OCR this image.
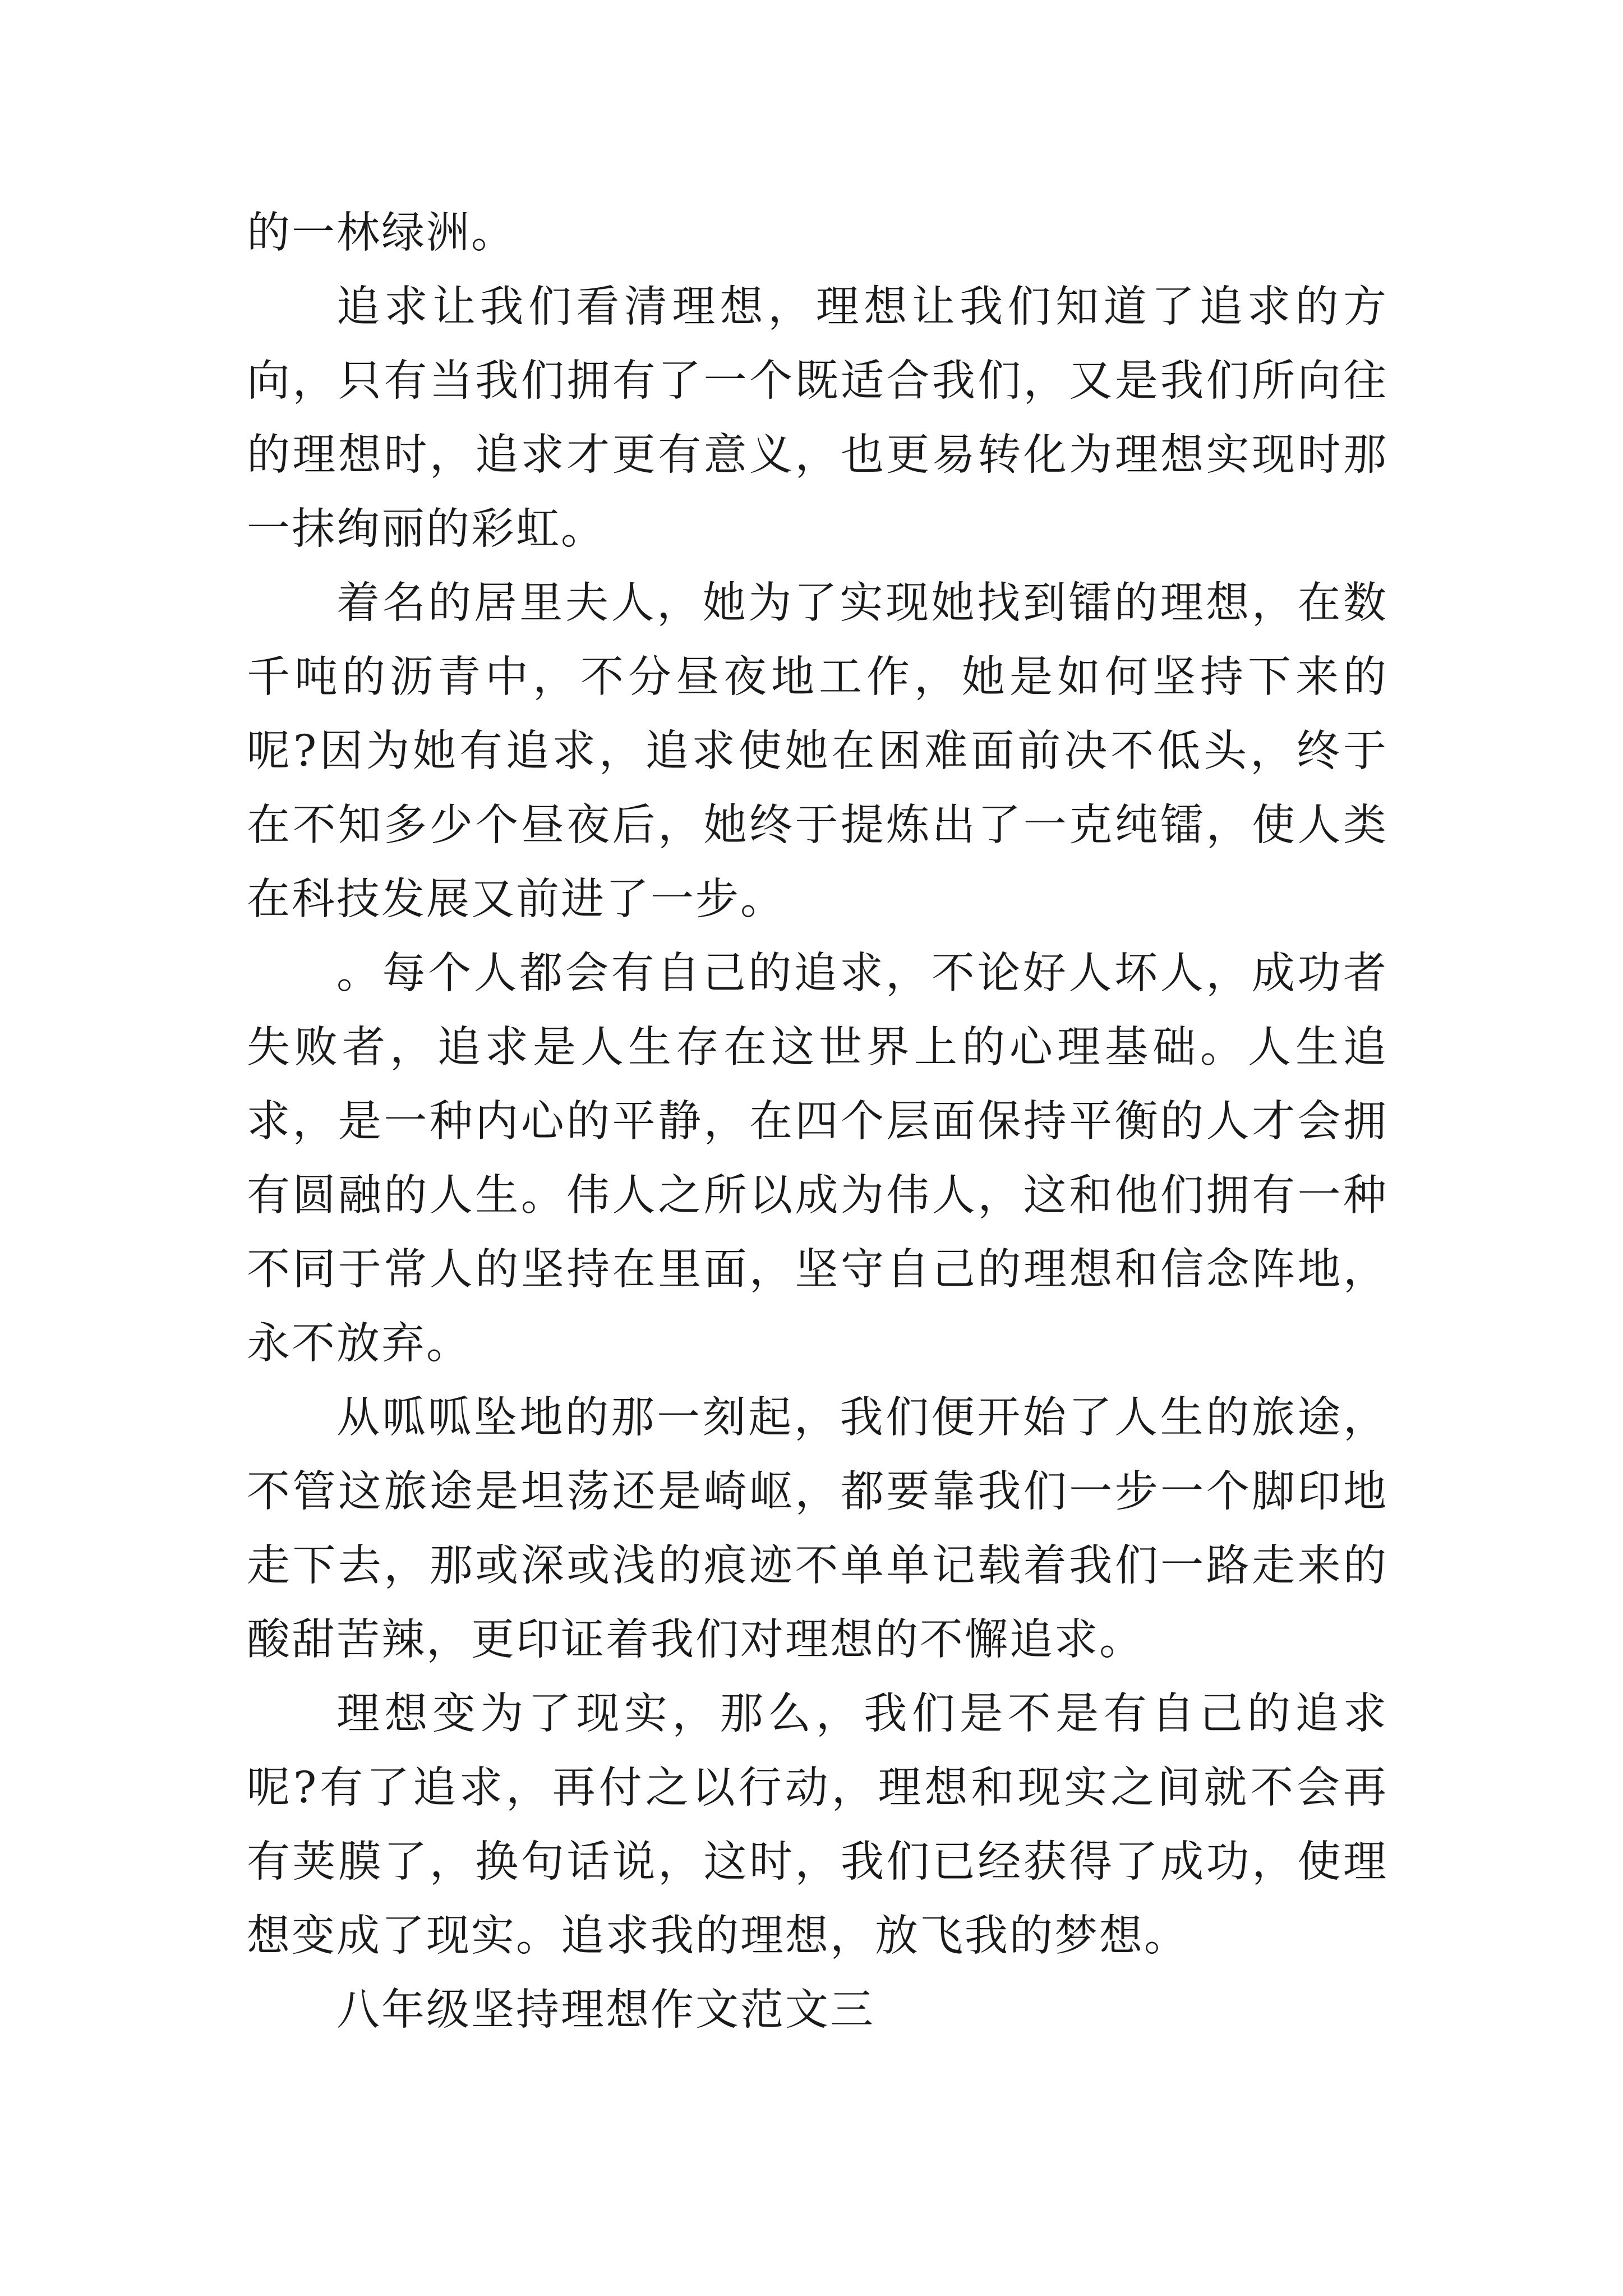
的一林绿洲。

追求让我们看清理想，理想让我们知道了追求的方向，只有当我们拥有了一个既适合我们，又是我们所向往的理想时，追求才更有意义，也更易转化为理想实现时那一抹绚丽的彩虹。

着名的居里夫人，她为了实现她找到镭的理想，在数千吨的沥青中，不分昼夜地工作，她是如何坚持下来的呢?因为她有追求，追求使她在困难面前决不低头，终于在不知多少个昼夜后，她终于提炼出了一克纯镭，使人类在科技发展又前进了一步。

。每个人都会有自己的追求，不论好人坏人，成功者失败者，追求是人生存在这世界上的心理基础。人生追求，是一种内心的平静，在四个层面保持平衡的人才会拥有圆融的人生。伟人之所以成为伟人，这和他们拥有一种不同于常人的坚持在里面，坚守自己的理想和信念阵地，永不放弃。

从呱呱坠地的那一刻起，我们便开始了人生的旅途，不管这旅途是坦荡还是崎岖，都要靠我们一步一个脚印地走下去，那或深或浅的痕迹不单单记载着我们一路走来的酸甜苦辣，更印证着我们对理想的不懈追求。

理想变为了现实，那么，我们是不是有自己的追求呢?有了追求，再付之以行动，理想和现实之间就不会再有荚膜了，换句话说，这时，我们已经获得了成功，使理想变成了现实。追求我的理想，放飞我的梦想。

八年级坚持理想作文范文三
